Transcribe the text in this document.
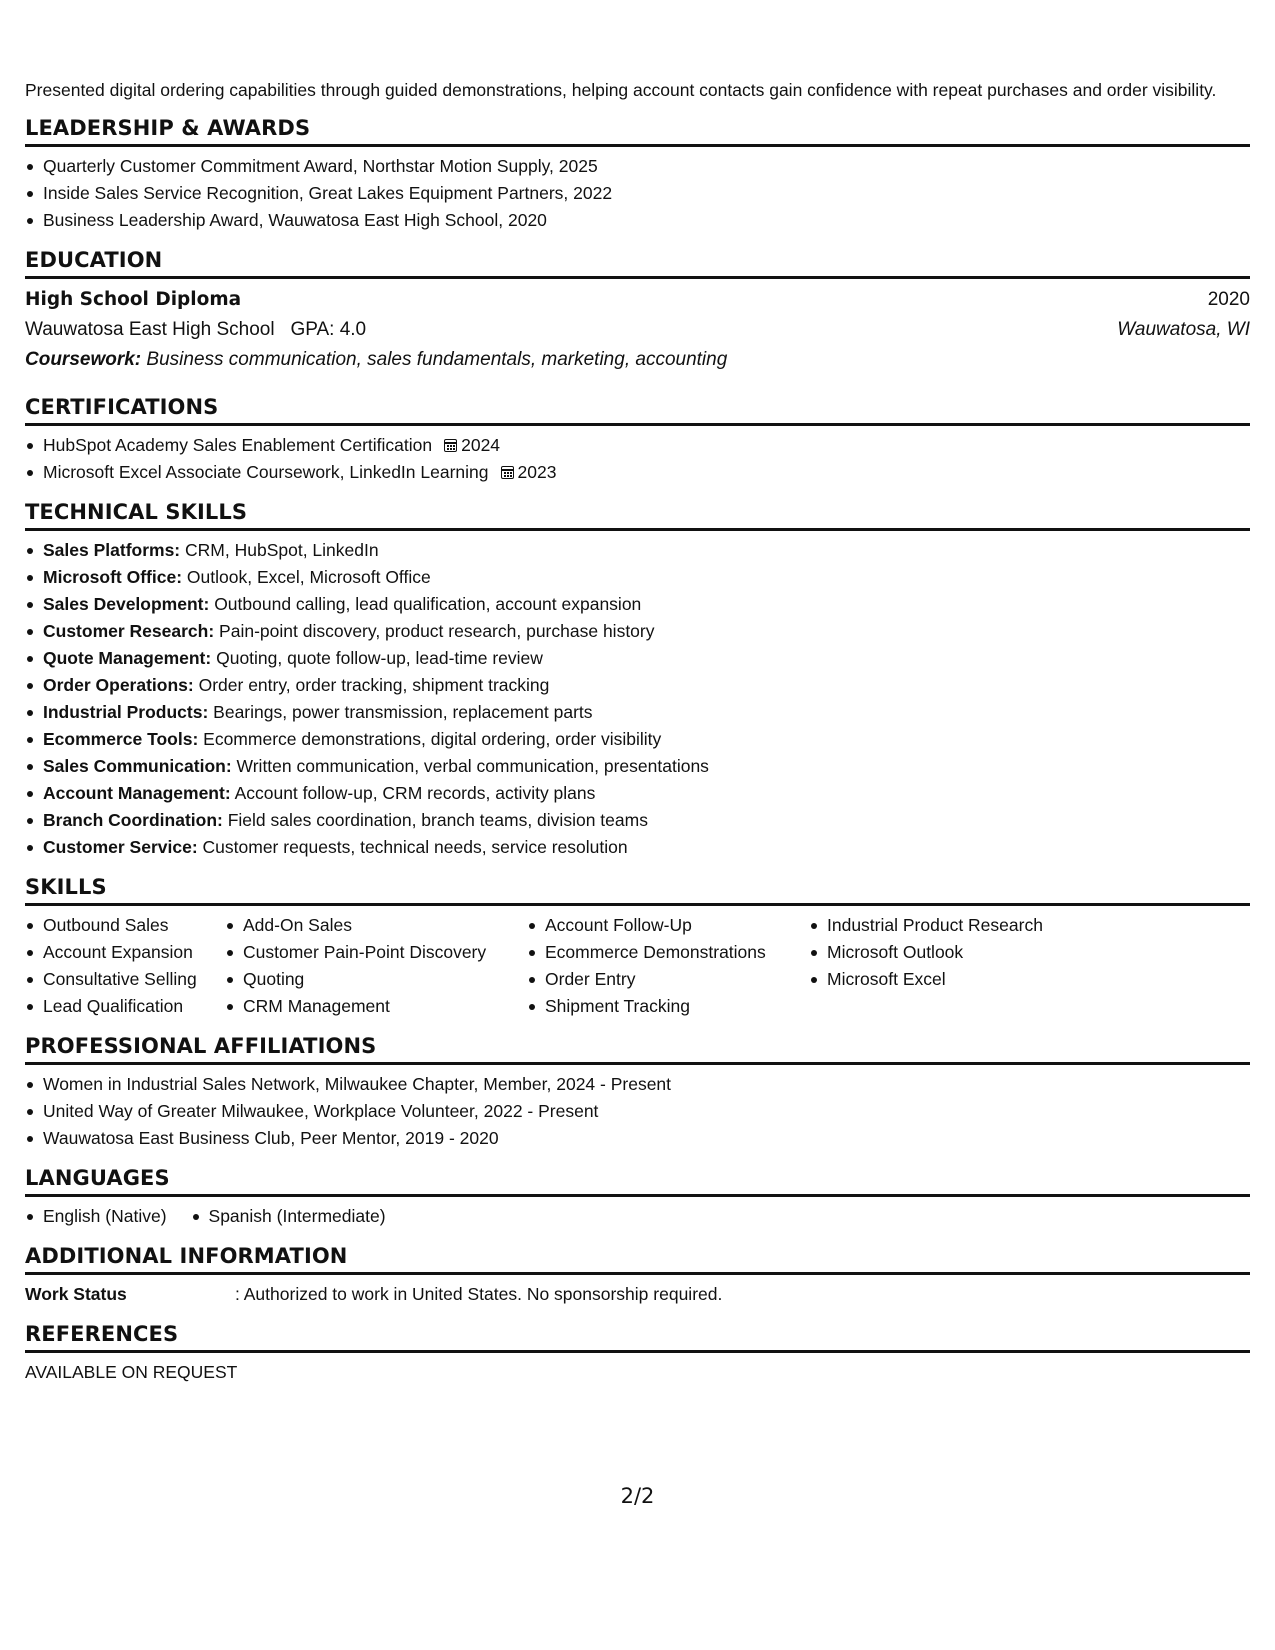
Presented digital ordering capabilities through guided demonstrations, helping account contacts gain confidence with repeat purchases and order visibility.

LEADERSHIP & AWARDS
Quarterly Customer Commitment Award, Northstar Motion Supply, 2025
Inside Sales Service Recognition, Great Lakes Equipment Partners, 2022
Business Leadership Award, Wauwatosa East High School, 2020
EDUCATION
High School Diploma	2020
Wauwatosa East High School GPA: 4.0	Wauwatosa, WI
Coursework: Business communication, sales fundamentals, marketing, accounting
CERTIFICATIONS
HubSpot Academy Sales Enablement Certification 2024
Microsoft Excel Associate Coursework, LinkedIn Learning 2023
TECHNICAL SKILLS
Sales Platforms: CRM, HubSpot, LinkedIn
Microsoft Office: Outlook, Excel, Microsoft Office
Sales Development: Outbound calling, lead qualification, account expansion
Customer Research: Pain-point discovery, product research, purchase history
Quote Management: Quoting, quote follow-up, lead-time review
Order Operations: Order entry, order tracking, shipment tracking
Industrial Products: Bearings, power transmission, replacement parts
Ecommerce Tools: Ecommerce demonstrations, digital ordering, order visibility
Sales Communication: Written communication, verbal communication, presentations
Account Management: Account follow-up, CRM records, activity plans
Branch Coordination: Field sales coordination, branch teams, division teams
Customer Service: Customer requests, technical needs, service resolution
SKILLS
Outbound Sales
Account Expansion
Consultative Selling
Lead Qualification
Add-On Sales
Customer Pain-Point Discovery
Quoting
CRM Management
Account Follow-Up
Ecommerce Demonstrations
Order Entry
Shipment Tracking
Industrial Product Research
Microsoft Outlook
Microsoft Excel
PROFESSIONAL AFFILIATIONS
Women in Industrial Sales Network, Milwaukee Chapter, Member, 2024 - Present
United Way of Greater Milwaukee, Workplace Volunteer, 2022 - Present
Wauwatosa East Business Club, Peer Mentor, 2019 - 2020
LANGUAGES
English (Native)	Spanish (Intermediate)
ADDITIONAL INFORMATION
Work Status	: Authorized to work in United States. No sponsorship required.
REFERENCES
AVAILABLE ON REQUEST
2/2
